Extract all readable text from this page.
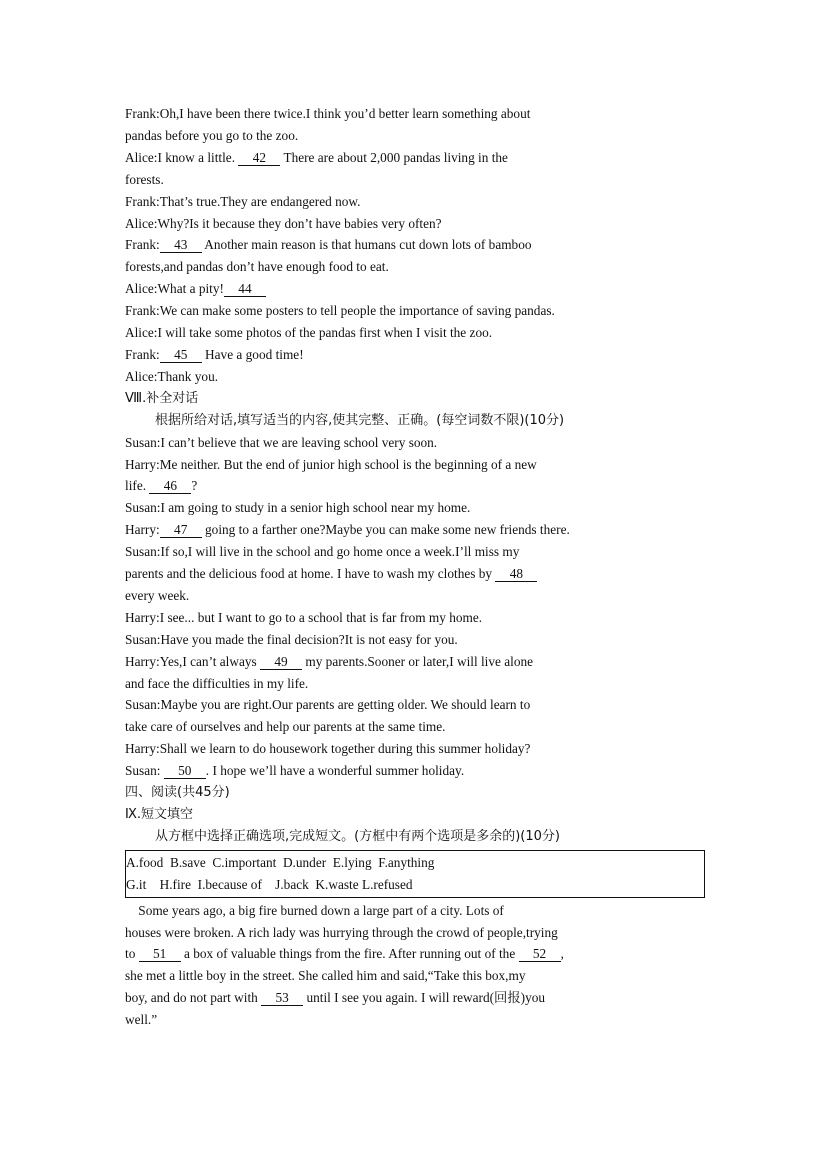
Frank:Oh,I have been there twice.I think you’d better learn something about
pandas before you go to the zoo.
Alice:I know a little. 42 There are about 2,000 pandas living in the
forests.
Frank:That’s true.They are endangered now.
Alice:Why?Is it because they don’t have babies very often?
Frank: 43 Another main reason is that humans cut down lots of bamboo
forests,and pandas don’t have enough food to eat.
Alice:What a pity! 44
Frank:We can make some posters to tell people the importance of saving pandas.
Alice:I will take some photos of the pandas first when I visit the zoo.
Frank: 45 Have a good time!
Alice:Thank you.
Ⅷ.补全对话
根据所给对话,填写适当的内容,使其完整、正确。(每空词数不限)(10分)
Susan:I can’t believe that we are leaving school very soon.
Harry:Me neither. But the end of junior high school is the beginning of a new
life. 46 ?
Susan:I am going to study in a senior high school near my home.
Harry: 47 going to a farther one?Maybe you can make some new friends there.
Susan:If so,I will live in the school and go home once a week.I’ll miss my
parents and the delicious food at home. I have to wash my clothes by 48
every week.
Harry:I see... but I want to go to a school that is far from my home.
Susan:Have you made the final decision?It is not easy for you.
Harry:Yes,I can’t always 49 my parents.Sooner or later,I will live alone
and face the difficulties in my life.
Susan:Maybe you are right.Our parents are getting older. We should learn to
take care of ourselves and help our parents at the same time.
Harry:Shall we learn to do housework together during this summer holiday?
Susan: 50 . I hope we’ll have a wonderful summer holiday.
四、阅读(共45分)
Ⅸ.短文填空
从方框中选择正确选项,完成短文。(方框中有两个选项是多余的)(10分)
A.food  B.save  C.important  D.under  E.lying  F.anything
G.it    H.fire  I.because of    J.back  K.waste L.refused
Some years ago, a big fire burned down a large part of a city. Lots of
houses were broken. A rich lady was hurrying through the crowd of people,trying
to 51 a box of valuable things from the fire. After running out of the 52 ,
she met a little boy in the street. She called him and said,“Take this box,my
boy, and do not part with 53 until I see you again. I will reward(回报)you
well.”
